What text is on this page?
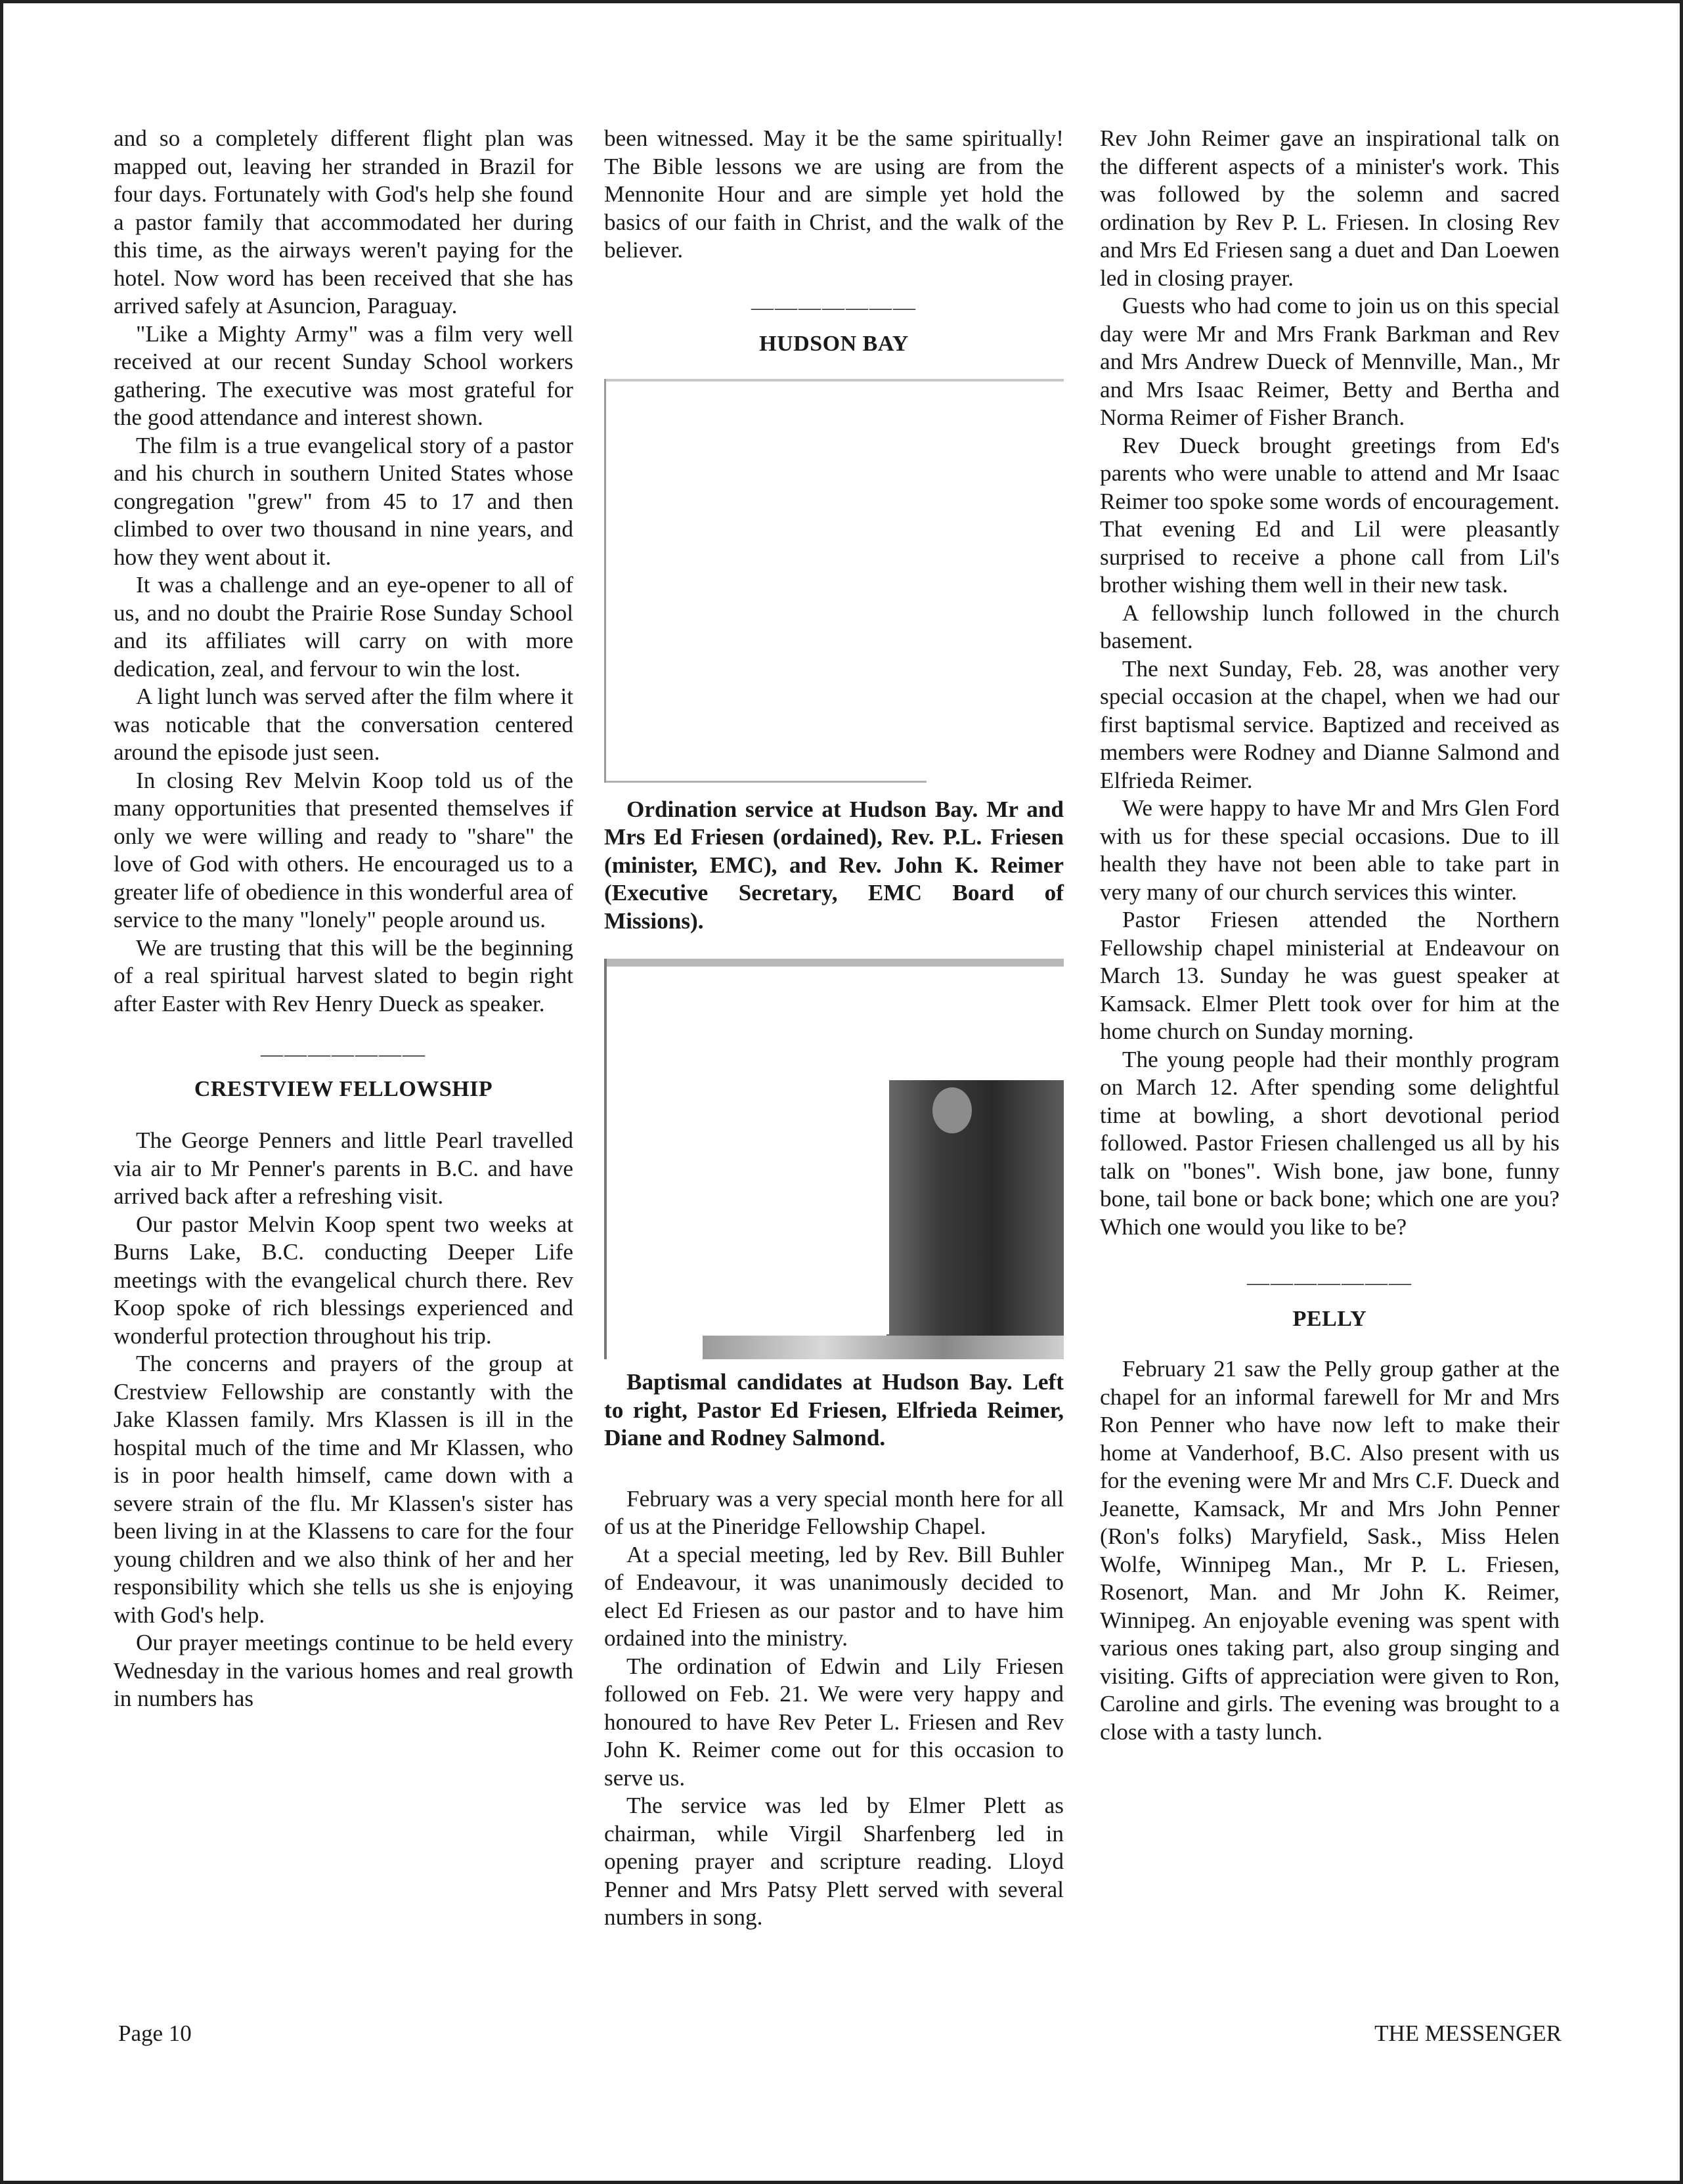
and so a completely different flight plan was mapped out, leaving her stranded in Brazil for four days. Fortunately with God's help she found a pastor family that accommodated her during this time, as the airways weren't paying for the hotel. Now word has been received that she has arrived safely at Asuncion, Paraguay.

"Like a Mighty Army" was a film very well received at our recent Sunday School workers gathering. The executive was most grateful for the good attendance and interest shown.

The film is a true evangelical story of a pastor and his church in southern United States whose congregation "grew" from 45 to 17 and then climbed to over two thousand in nine years, and how they went about it.

It was a challenge and an eye-opener to all of us, and no doubt the Prairie Rose Sunday School and its affiliates will carry on with more dedication, zeal, and fervour to win the lost.

A light lunch was served after the film where it was noticable that the conversation centered around the episode just seen.

In closing Rev Melvin Koop told us of the many opportunities that presented themselves if only we were willing and ready to "share" the love of God with others. He encouraged us to a greater life of obedience in this wonderful area of service to the many "lonely" people around us.

We are trusting that this will be the beginning of a real spiritual harvest slated to begin right after Easter with Rev Henry Dueck as speaker.

———————
CRESTVIEW FELLOWSHIP

The George Penners and little Pearl travelled via air to Mr Penner's parents in B.C. and have arrived back after a refreshing visit.

Our pastor Melvin Koop spent two weeks at Burns Lake, B.C. conducting Deeper Life meetings with the evangelical church there. Rev Koop spoke of rich blessings experienced and wonderful protection throughout his trip.

The concerns and prayers of the group at Crestview Fellowship are constantly with the Jake Klassen family. Mrs Klassen is ill in the hospital much of the time and Mr Klassen, who is in poor health himself, came down with a severe strain of the flu. Mr Klassen's sister has been living in at the Klassens to care for the four young children and we also think of her and her responsibility which she tells us she is enjoying with God's help.

Our prayer meetings continue to be held every Wednesday in the various homes and real growth in numbers has

been witnessed. May it be the same spiritually! The Bible lessons we are using are from the Mennonite Hour and are simple yet hold the basics of our faith in Christ, and the walk of the believer.

———————
HUDSON BAY

Ordination service at Hudson Bay. Mr and Mrs Ed Friesen (ordained), Rev. P.L. Friesen (minister, EMC), and Rev. John K. Reimer (Executive Secretary, EMC Board of Missions).

Baptismal candidates at Hudson Bay. Left to right, Pastor Ed Friesen, Elfrieda Reimer, Diane and Rodney Salmond.

February was a very special month here for all of us at the Pineridge Fellowship Chapel.

At a special meeting, led by Rev. Bill Buhler of Endeavour, it was unanimously decided to elect Ed Friesen as our pastor and to have him ordained into the ministry.

The ordination of Edwin and Lily Friesen followed on Feb. 21. We were very happy and honoured to have Rev Peter L. Friesen and Rev John K. Reimer come out for this occasion to serve us.

The service was led by Elmer Plett as chairman, while Virgil Sharfenberg led in opening prayer and scripture reading. Lloyd Penner and Mrs Patsy Plett served with several numbers in song.

Rev John Reimer gave an inspirational talk on the different aspects of a minister's work. This was followed by the solemn and sacred ordination by Rev P. L. Friesen. In closing Rev and Mrs Ed Friesen sang a duet and Dan Loewen led in closing prayer.

Guests who had come to join us on this special day were Mr and Mrs Frank Barkman and Rev and Mrs Andrew Dueck of Mennville, Man., Mr and Mrs Isaac Reimer, Betty and Bertha and Norma Reimer of Fisher Branch.

Rev Dueck brought greetings from Ed's parents who were unable to attend and Mr Isaac Reimer too spoke some words of encouragement. That evening Ed and Lil were pleasantly surprised to receive a phone call from Lil's brother wishing them well in their new task.

A fellowship lunch followed in the church basement.

The next Sunday, Feb. 28, was another very special occasion at the chapel, when we had our first baptismal service. Baptized and received as members were Rodney and Dianne Salmond and Elfrieda Reimer.

We were happy to have Mr and Mrs Glen Ford with us for these special occasions. Due to ill health they have not been able to take part in very many of our church services this winter.

Pastor Friesen attended the Northern Fellowship chapel ministerial at Endeavour on March 13. Sunday he was guest speaker at Kamsack. Elmer Plett took over for him at the home church on Sunday morning.

The young people had their monthly program on March 12. After spending some delightful time at bowling, a short devotional period followed. Pastor Friesen challenged us all by his talk on "bones". Wish bone, jaw bone, funny bone, tail bone or back bone; which one are you? Which one would you like to be?

———————
PELLY

February 21 saw the Pelly group gather at the chapel for an informal farewell for Mr and Mrs Ron Penner who have now left to make their home at Vanderhoof, B.C. Also present with us for the evening were Mr and Mrs C.F. Dueck and Jeanette, Kamsack, Mr and Mrs John Penner (Ron's folks) Maryfield, Sask., Miss Helen Wolfe, Winnipeg Man., Mr P. L. Friesen, Rosenort, Man. and Mr John K. Reimer, Winnipeg. An enjoyable evening was spent with various ones taking part, also group singing and visiting. Gifts of appreciation were given to Ron, Caroline and girls. The evening was brought to a close with a tasty lunch.

Page 10	THE MESSENGER
